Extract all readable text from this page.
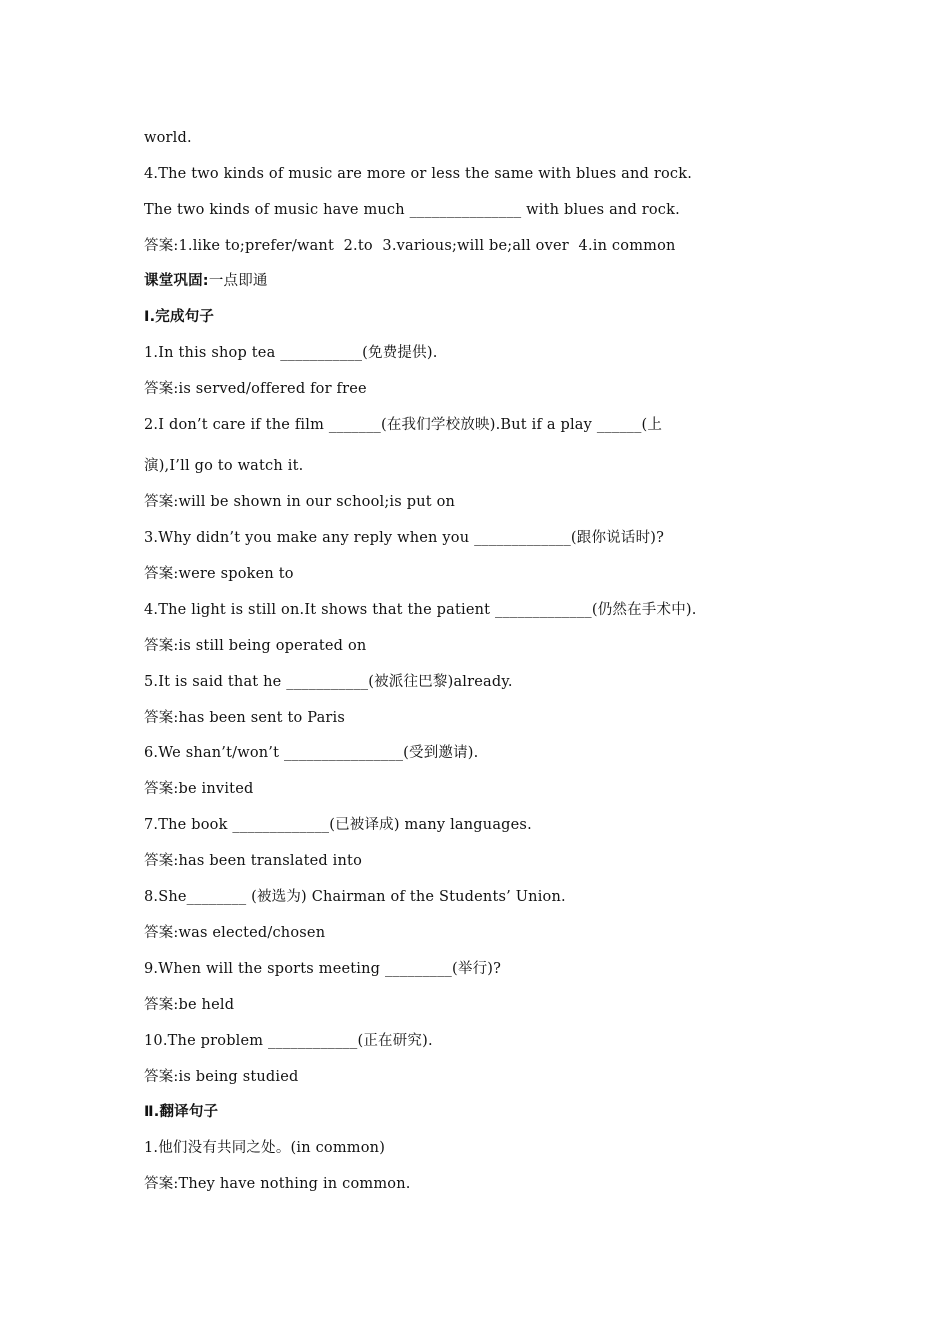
world.
4.The two kinds of music are more or less the same with blues and rock.
The two kinds of music have much _______________ with blues and rock.
答案:1.like to;prefer/want  2.to  3.various;will be;all over  4.in common
课堂巩固:一点即通
Ⅰ.完成句子
1.In this shop tea ___________(免费提供).
答案:is served/offered for free
2.I don’t care if the film _______(在我们学校放映).But if a play ______(上
演),I’ll go to watch it.
答案:will be shown in our school;is put on
3.Why didn’t you make any reply when you _____________(跟你说话时)?
答案:were spoken to
4.The light is still on.It shows that the patient _____________(仍然在手术中).
答案:is still being operated on
5.It is said that he ___________(被派往巴黎)already.
答案:has been sent to Paris
6.We shan’t/won’t ________________(受到邀请).
答案:be invited
7.The book _____________(已被译成) many languages.
答案:has been translated into
8.She________ (被选为) Chairman of the Students’ Union.
答案:was elected/chosen
9.When will the sports meeting _________(举行)?
答案:be held
10.The problem ____________(正在研究).
答案:is being studied
Ⅱ.翻译句子
1.他们没有共同之处。(in common)
答案:They have nothing in common.
